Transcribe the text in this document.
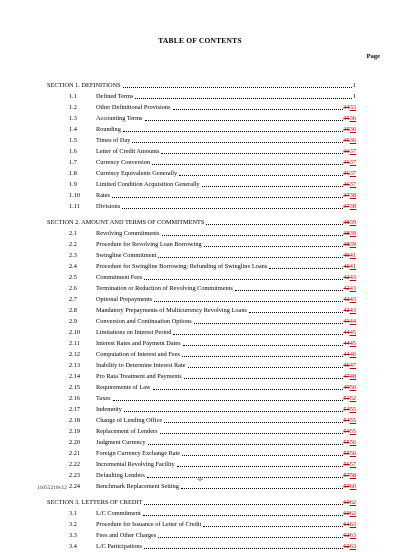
TABLE OF CONTENTS
Page
SECTION 1. DEFINITIONS	1
1.1	Defined Terms	1
1.2	Other Definitional Provisions	3433
1.3	Accounting Terms	3536
1.4	Rounding	3536
1.5	Times of Day	3536
1.6	Letter of Credit Amounts	3637
1.7	Currency Conversion	3637
1.8	Currency Equivalents Generally	3637
1.9	Limited Condition Acquisition Generally	3637
1.10	Rates	3738
1.11	Divisions	3738
SECTION 2. AMOUNT AND TERMS OF COMMITMENTS	3839
2.1	Revolving Commitments	3839
2.2	Procedure for Revolving Loan Borrowing	3839
2.3	Swingline Commitment	4041
2.4	Procedure for Swingline Borrowing; Refunding of Swingline Loans	4041
2.5	Commitment Fees	4243
2.6	Termination or Reduction of Revolving Commitments	4243
2.7	Optional Prepayments	4243
2.8	Mandatory Prepayments of Multicurrency Revolving Loans	4243
2.9	Conversion and Continuation Options	4344
2.10	Limitations on Interest Period	4445
2.11	Interest Rates and Payment Dates	4445
2.12	Computation of Interest and Fees	4446
2.13	Inability to Determine Interest Rate	4647
2.14	Pro Rata Treatment and Payments	4748
2.15	Requirements of Law	4950
2.16	Taxes	5152
2.17	Indemnity	5455
2.18	Change of Lending Office	5455
2.19	Replacement of Lenders	5455
2.20	Judgment Currency	5556
2.21	Foreign Currency Exchange Rate	5556
2.22	Incremental Revolving Facility	5657
2.23	Defaulting Lenders	5758
2.24	Benchmark Replacement Setting	5960
SECTION 3. LETTERS OF CREDIT	6062
3.1	L/C Commitment	6062
3.2	Procedure for Issuance of Letter of Credit	6163
3.3	Fees and Other Charges	6263
3.4	L/C Participations	6263
-i-
11055218v12
